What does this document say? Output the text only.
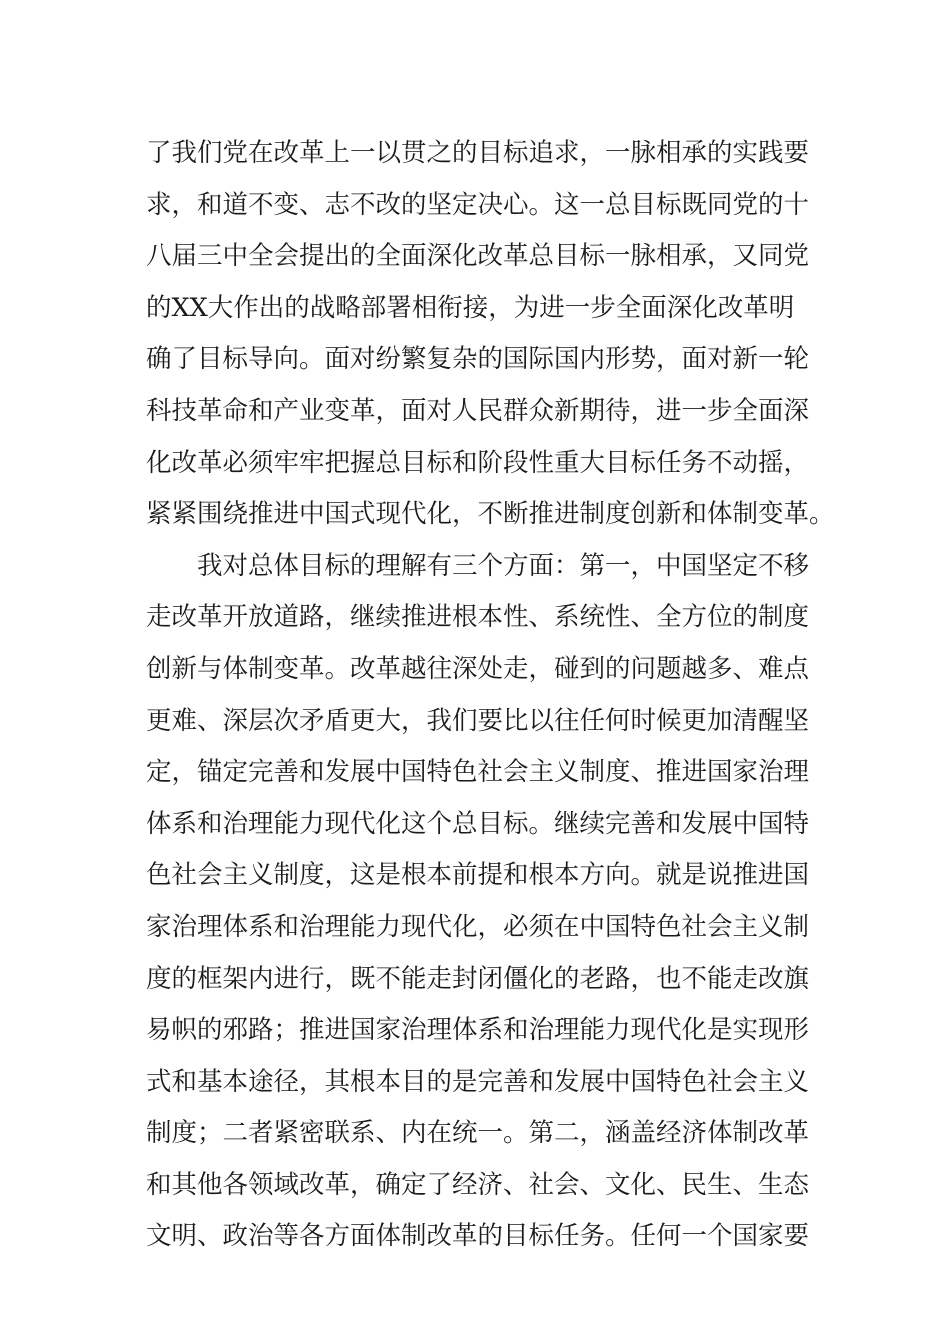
了我们党在改革上一以贯之的目标追求，一脉相承的实践要
求，和道不变、志不改的坚定决心。这一总目标既同党的十
八届三中全会提出的全面深化改革总目标一脉相承，又同党
的XX大作出的战略部署相衔接，为进一步全面深化改革明
确了目标导向。面对纷繁复杂的国际国内形势，面对新一轮
科技革命和产业变革，面对人民群众新期待，进一步全面深
化改革必须牢牢把握总目标和阶段性重大目标任务不动摇，
紧紧围绕推进中国式现代化，不断推进制度创新和体制变革。
我对总体目标的理解有三个方面：第一，中国坚定不移
走改革开放道路，继续推进根本性、系统性、全方位的制度
创新与体制变革。改革越往深处走，碰到的问题越多、难点
更难、深层次矛盾更大，我们要比以往任何时候更加清醒坚
定，锚定完善和发展中国特色社会主义制度、推进国家治理
体系和治理能力现代化这个总目标。继续完善和发展中国特
色社会主义制度，这是根本前提和根本方向。就是说推进国
家治理体系和治理能力现代化，必须在中国特色社会主义制
度的框架内进行，既不能走封闭僵化的老路，也不能走改旗
易帜的邪路；推进国家治理体系和治理能力现代化是实现形
式和基本途径，其根本目的是完善和发展中国特色社会主义
制度；二者紧密联系、内在统一。第二，涵盖经济体制改革
和其他各领域改革，确定了经济、社会、文化、民生、生态
文明、政治等各方面体制改革的目标任务。任何一个国家要
